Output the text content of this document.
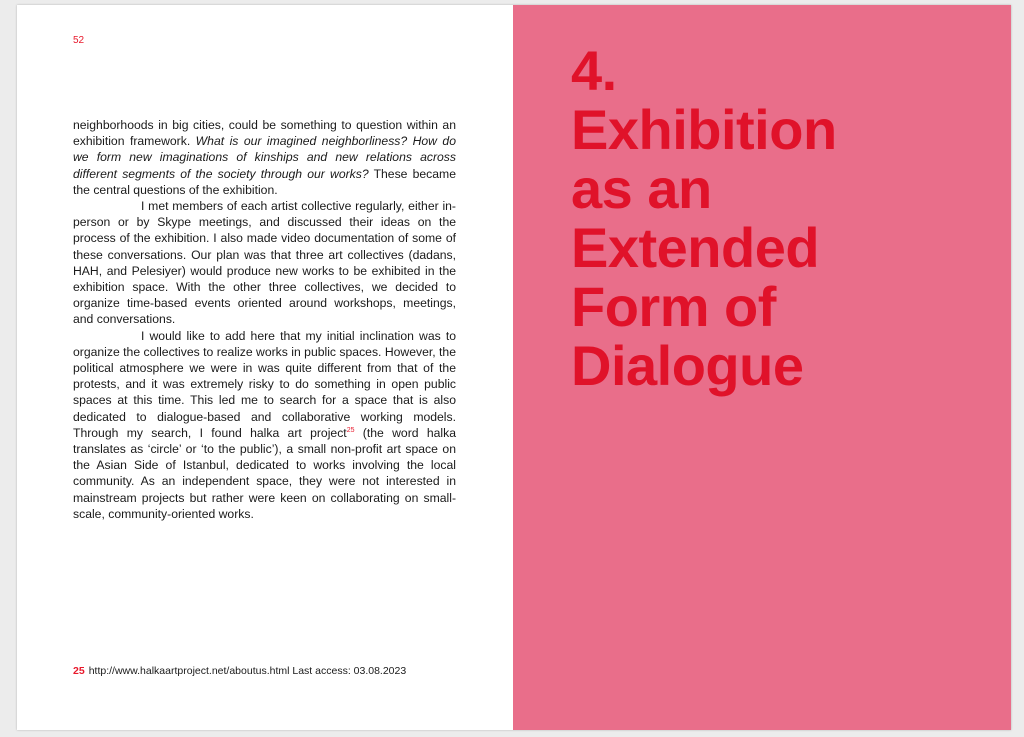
52

neighborhoods in big cities, could be something to question within an exhibition framework. What is our imagined neighborliness? How do we form new imaginations of kinships and new relations across different segments of the society through our works? These became the central questions of the exhibition.

I met members of each artist collective regularly, either in-person or by Skype meetings, and discussed their ideas on the process of the exhibition. I also made video documentation of some of these conversations. Our plan was that three art collectives (dadans, HAH, and Pelesiyer) would produce new works to be exhibited in the exhibition space. With the other three collectives, we decided to organize time-based events oriented around workshops, meetings, and conversations.

I would like to add here that my initial inclination was to organize the collectives to realize works in public spaces. However, the political atmosphere we were in was quite different from that of the protests, and it was extremely risky to do something in open public spaces at this time. This led me to search for a space that is also dedicated to dialogue-based and collaborative working models. Through my search, I found halka art project$^{25}$ (the word halka translates as ‘circle’ or ‘to the public’), a small non-profit art space on the Asian Side of Istanbul, dedicated to works involving the local community. As an independent space, they were not interested in mainstream projects but rather were keen on collaborating on small-scale, community-oriented works.

25 http://www.halkaartproject.net/aboutus.html Last access: 03.08.2023
4.
Exhibition
as an
Extended
Form of
Dialogue
